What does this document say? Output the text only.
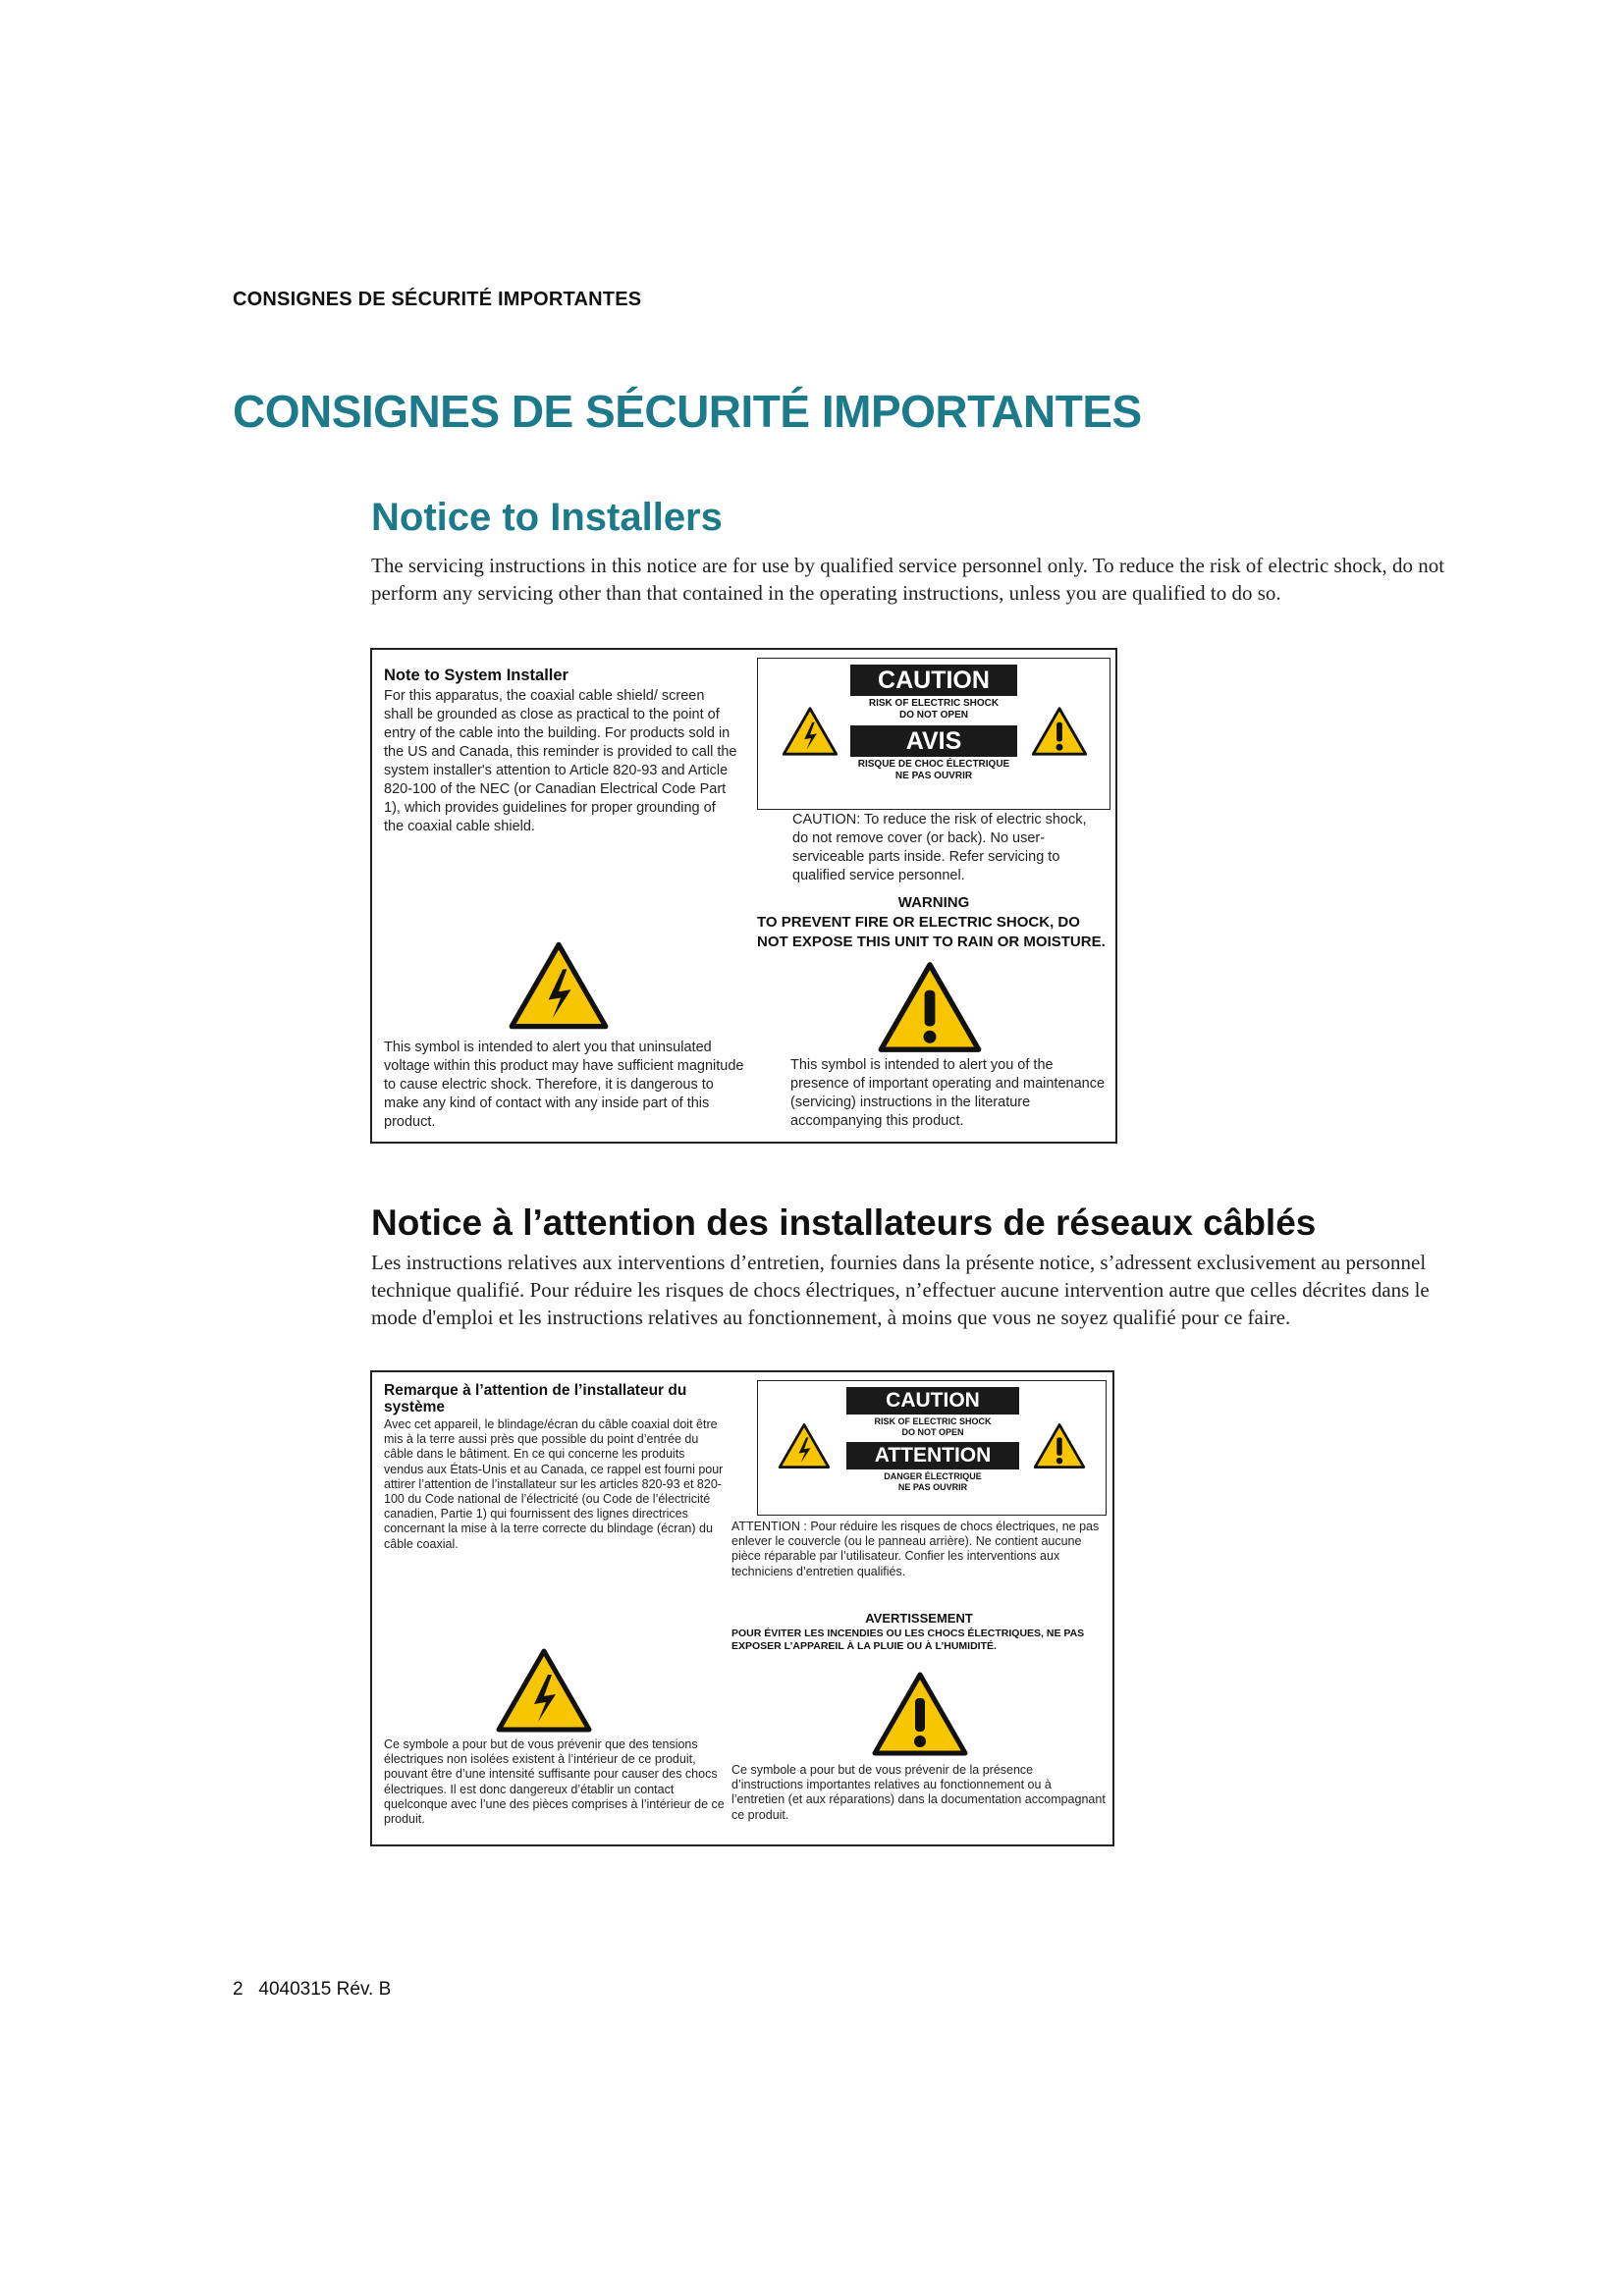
CONSIGNES DE SÉCURITÉ IMPORTANTES
CONSIGNES DE SÉCURITÉ IMPORTANTES
Notice to Installers
The servicing instructions in this notice are for use by qualified service personnel only. To reduce the risk of electric shock, do not perform any servicing other than that contained in the operating instructions, unless you are qualified to do so.
Note to System Installer
For this apparatus, the coaxial cable shield/ screen shall be grounded as close as practical to the point of entry of the cable into the building. For products sold in the US and Canada, this reminder is provided to call the system installer's attention to Article 820-93 and Article 820-100 of the NEC (or Canadian Electrical Code Part 1), which provides guidelines for proper grounding of the coaxial cable shield.
CAUTION
RISK OF ELECTRIC SHOCK
DO NOT OPEN
AVIS
RISQUE DE CHOC ÉLECTRIQUE
NE PAS OUVRIR
CAUTION: To reduce the risk of electric shock, do not remove cover (or back). No user-serviceable parts inside. Refer servicing to qualified service personnel.
WARNING
TO PREVENT FIRE OR ELECTRIC SHOCK, DO NOT EXPOSE THIS UNIT TO RAIN OR MOISTURE.
This symbol is intended to alert you that uninsulated voltage within this product may have sufficient magnitude to cause electric shock. Therefore, it is dangerous to make any kind of contact with any inside part of this product.
This symbol is intended to alert you of the presence of important operating and maintenance (servicing) instructions in the literature accompanying this product.
Notice à l’attention des installateurs de réseaux câblés
Les instructions relatives aux interventions d’entretien, fournies dans la présente notice, s’adressent exclusivement au personnel technique qualifié. Pour réduire les risques de chocs électriques, n’effectuer aucune intervention autre que celles décrites dans le mode d'emploi et les instructions relatives au fonctionnement, à moins que vous ne soyez qualifié pour ce faire.
Remarque à l’attention de l’installateur du système
Avec cet appareil, le blindage/écran du câble coaxial doit être mis à la terre aussi près que possible du point d’entrée du câble dans le bâtiment. En ce qui concerne les produits vendus aux États-Unis et au Canada, ce rappel est fourni pour attirer l’attention de l’installateur sur les articles 820-93 et 820-100 du Code national de l’électricité (ou Code de l’électricité canadien, Partie 1) qui fournissent des lignes directrices concernant la mise à la terre correcte du blindage (écran) du câble coaxial.
CAUTION
RISK OF ELECTRIC SHOCK
DO NOT OPEN
ATTENTION
DANGER ÉLECTRIQUE
NE PAS OUVRIR
ATTENTION : Pour réduire les risques de chocs électriques, ne pas enlever le couvercle (ou le panneau arrière). Ne contient aucune pièce réparable par l’utilisateur. Confier les interventions aux techniciens d’entretien qualifiés.
AVERTISSEMENT
POUR ÉVITER LES INCENDIES OU LES CHOCS ÉLECTRIQUES, NE PAS EXPOSER L’APPAREIL À LA PLUIE OU À L’HUMIDITÉ.
Ce symbole a pour but de vous prévenir que des tensions électriques non isolées existent à l’intérieur de ce produit, pouvant être d’une intensité suffisante pour causer des chocs électriques. Il est donc dangereux d’établir un contact quelconque avec l’une des pièces comprises à l’intérieur de ce produit.
Ce symbole a pour but de vous prévenir de la présence d’instructions importantes relatives au fonctionnement ou à l’entretien (et aux réparations) dans la documentation accompagnant ce produit.
2   4040315 Rév. B
